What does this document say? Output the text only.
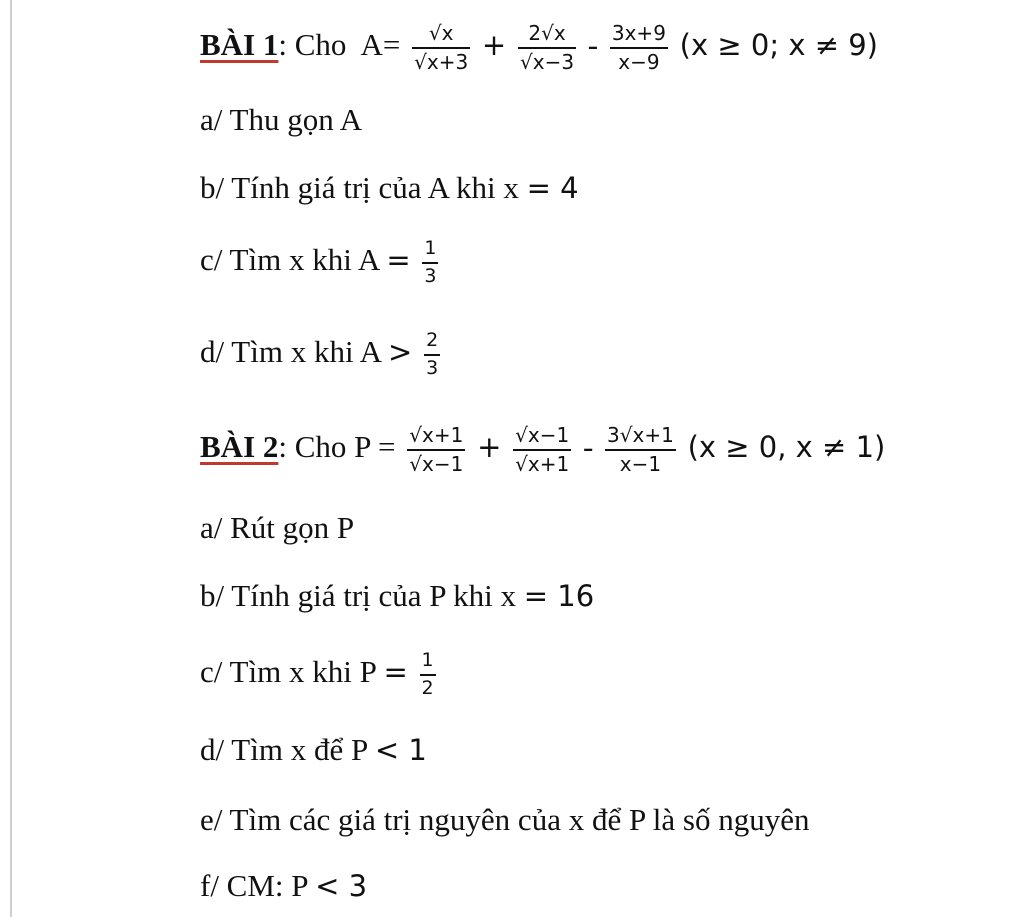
BÀI 1: Cho $A= \frac{√x}{√x+3} + \frac{2√x}{√x-3} - \frac{3x+9}{x-9} (x \ge 0$; x ≠ 9)
a/ Thu gọn A
b/ Tính giá trị của A khi x = 4
c/ Tìm x khi $A = \frac{1}{3}$
d/ Tìm x khi $A > \frac{2}{3}$
BÀI 2: Cho $P = \frac{√x+1}{√x-1} + \frac{√x-1}{√x+1} - \frac{3√x+1}{x-1} (x \ge 0$, x ≠ 1)
a/ Rút gọn P
b/ Tính giá trị của P khi x = 16
c/ Tìm x khi $P = \frac{1}{2}$
d/ Tìm x để P < 1
e/ Tìm các giá trị nguyên của x để P là số nguyên
f/ CM: P < 3
